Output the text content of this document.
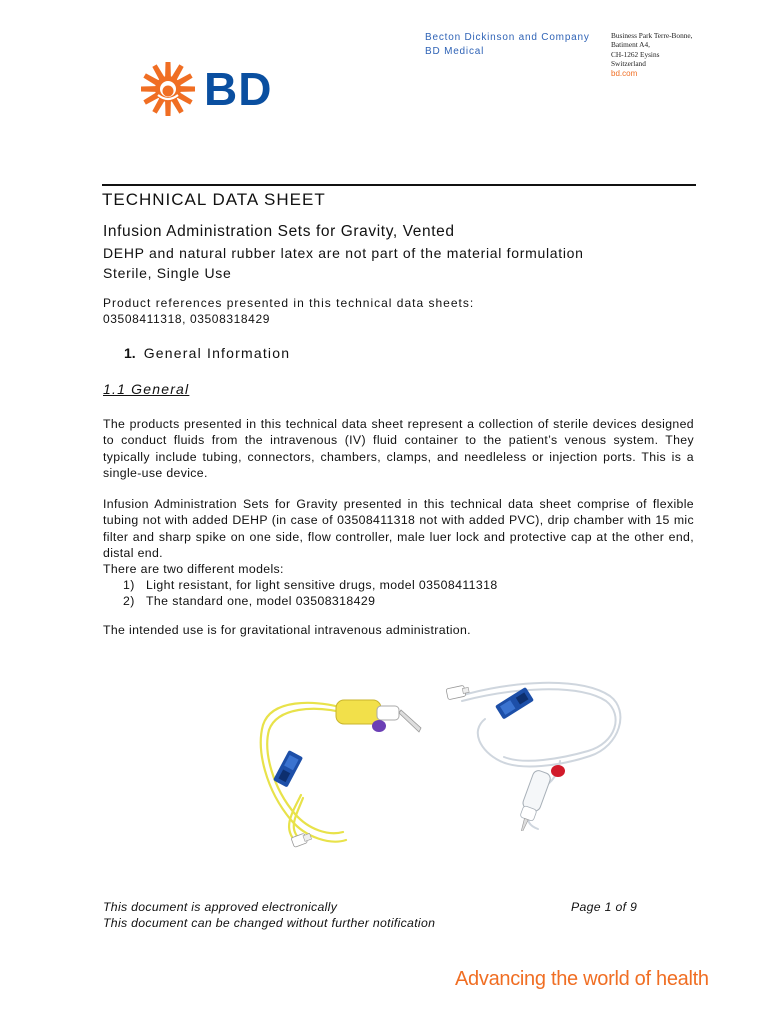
BD
Becton Dickinson and Company
BD Medical
Business Park Terre-Bonne,
Batiment A4,
CH-1262 Eysins
Switzerland
bd.com
TECHNICAL DATA SHEET
Infusion Administration Sets for Gravity, Vented
DEHP and natural rubber latex are not part of the material formulation
Sterile, Single Use
Product references presented in this technical data sheets:
03508411318, 03508318429
1. General Information
1.1 General

The products presented in this technical data sheet represent a collection of sterile devices designed to conduct fluids from the intravenous (IV) fluid container to the patient’s venous system. They typically include tubing, connectors, chambers, clamps, and needleless or injection ports. This is a single-use device.

Infusion Administration Sets for Gravity presented in this technical data sheet comprise of flexible tubing not with added DEHP (in case of 03508411318 not with added PVC), drip chamber with 15 mic filter and sharp spike on one side, flow controller, male luer lock and protective cap at the other end, distal end.

There are two different models:

1) Light resistant, for light sensitive drugs, model 03508411318
2) The standard one, model 03508318429

The intended use is for gravitational intravenous administration.

This document is approved electronically
This document can be changed without further notification
Page 1 of 9
Advancing the world of health
